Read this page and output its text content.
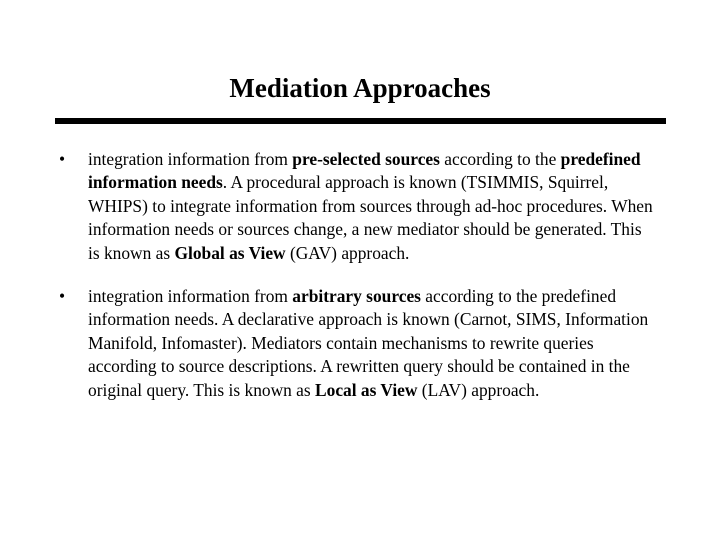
Mediation Approaches
• integration information from pre-selected sources according to the predefined information needs. A procedural approach is known (TSIMMIS, Squirrel, WHIPS) to integrate information from sources through ad-hoc procedures. When information needs or sources change, a new mediator should be generated. This is known as Global as View (GAV) approach.
• integration information from arbitrary sources according to the predefined information needs. A declarative approach is known (Carnot, SIMS, Information Manifold, Infomaster). Mediators contain mechanisms to rewrite queries according to source descriptions. A rewritten query should be contained in the original query. This is known as Local as View (LAV) approach.
